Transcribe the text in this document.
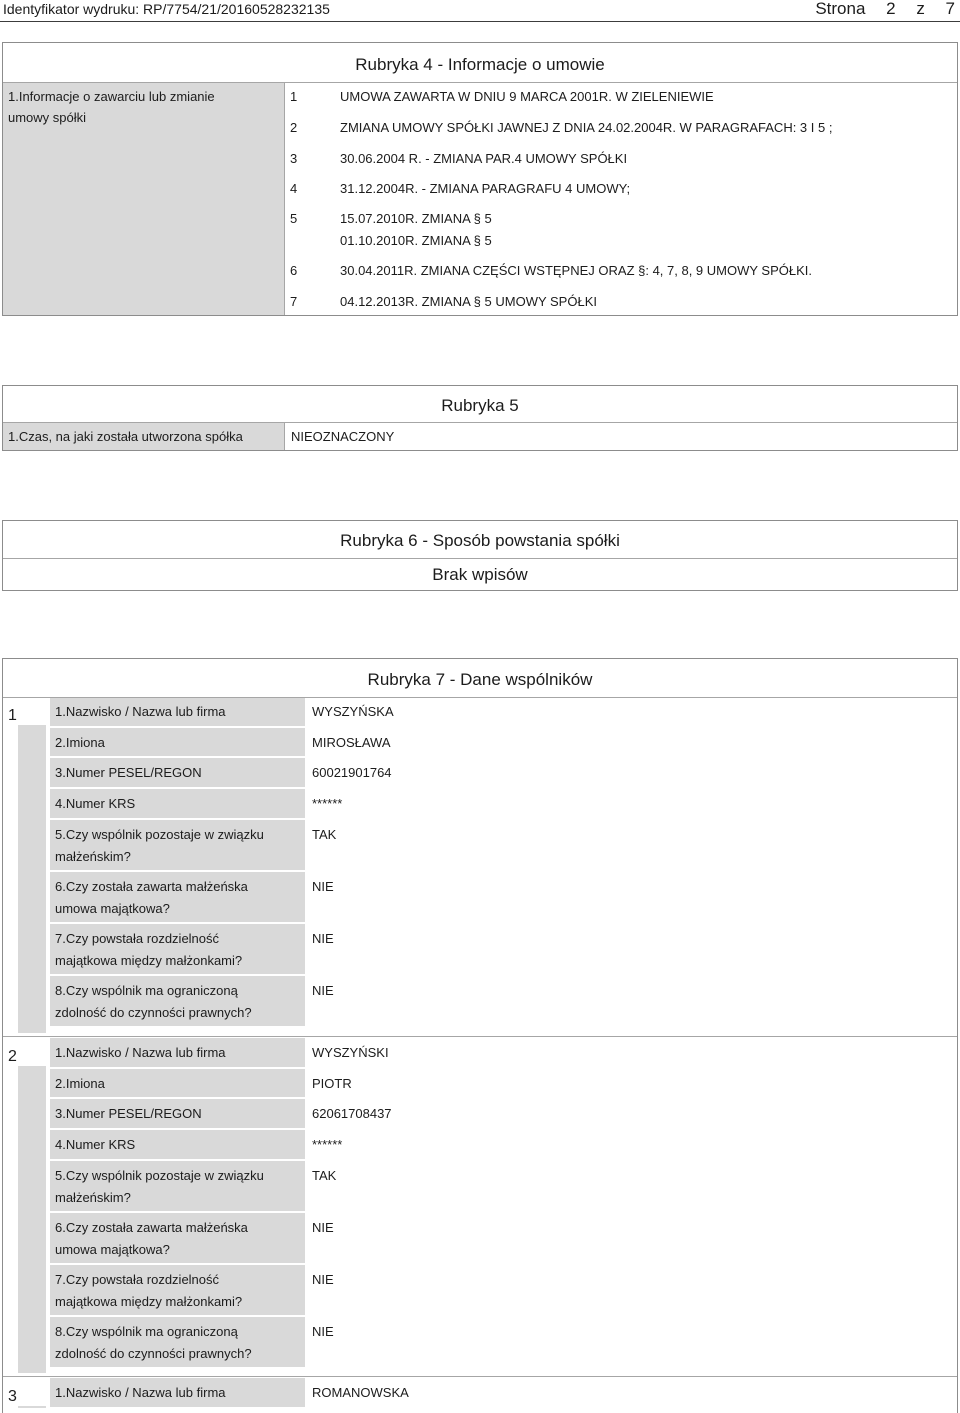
Identyfikator wydruku: RP/7754/21/20160528232135	Strona 2 z 7
Rubryka 4 - Informacje o umowie
1.Informacje o zawarciu lub zmianie
umowy spółki
1	UMOWA ZAWARTA W DNIU 9 MARCA 2001R. W ZIELENIEWIE
2	ZMIANA UMOWY SPÓŁKI JAWNEJ Z DNIA 24.02.2004R. W PARAGRAFACH: 3 I 5 ;
3	30.06.2004 R. - ZMIANA PAR.4 UMOWY SPÓŁKI
4	31.12.2004R. - ZMIANA PARAGRAFU 4 UMOWY;
5	15.07.2010R. ZMIANA § 5
01.10.2010R. ZMIANA § 5
6	30.04.2011R. ZMIANA CZĘŚCI WSTĘPNEJ ORAZ §: 4, 7, 8, 9 UMOWY SPÓŁKI.
7	04.12.2013R. ZMIANA § 5 UMOWY SPÓŁKI
Rubryka 5
1.Czas, na jaki została utworzona spółka	NIEOZNACZONY
Rubryka 6 - Sposób powstania spółki
Brak wpisów
Rubryka 7 - Dane wspólników
1	1.Nazwisko / Nazwa lub firma	WYSZYŃSKA
2.Imiona	MIROSŁAWA
3.Numer PESEL/REGON	60021901764
4.Numer KRS	******
5.Czy wspólnik pozostaje w związku
małżeńskim?
TAK
6.Czy została zawarta małżeńska
umowa majątkowa?
NIE
7.Czy powstała rozdzielność
majątkowa między małżonkami?
NIE
8.Czy wspólnik ma ograniczoną
zdolność do czynności prawnych?
NIE
2	1.Nazwisko / Nazwa lub firma	WYSZYŃSKI
2.Imiona	PIOTR
3.Numer PESEL/REGON	62061708437
4.Numer KRS	******
5.Czy wspólnik pozostaje w związku
małżeńskim?
TAK
6.Czy została zawarta małżeńska
umowa majątkowa?
NIE
7.Czy powstała rozdzielność
majątkowa między małżonkami?
NIE
8.Czy wspólnik ma ograniczoną
zdolność do czynności prawnych?
NIE
3	1.Nazwisko / Nazwa lub firma	ROMANOWSKA
